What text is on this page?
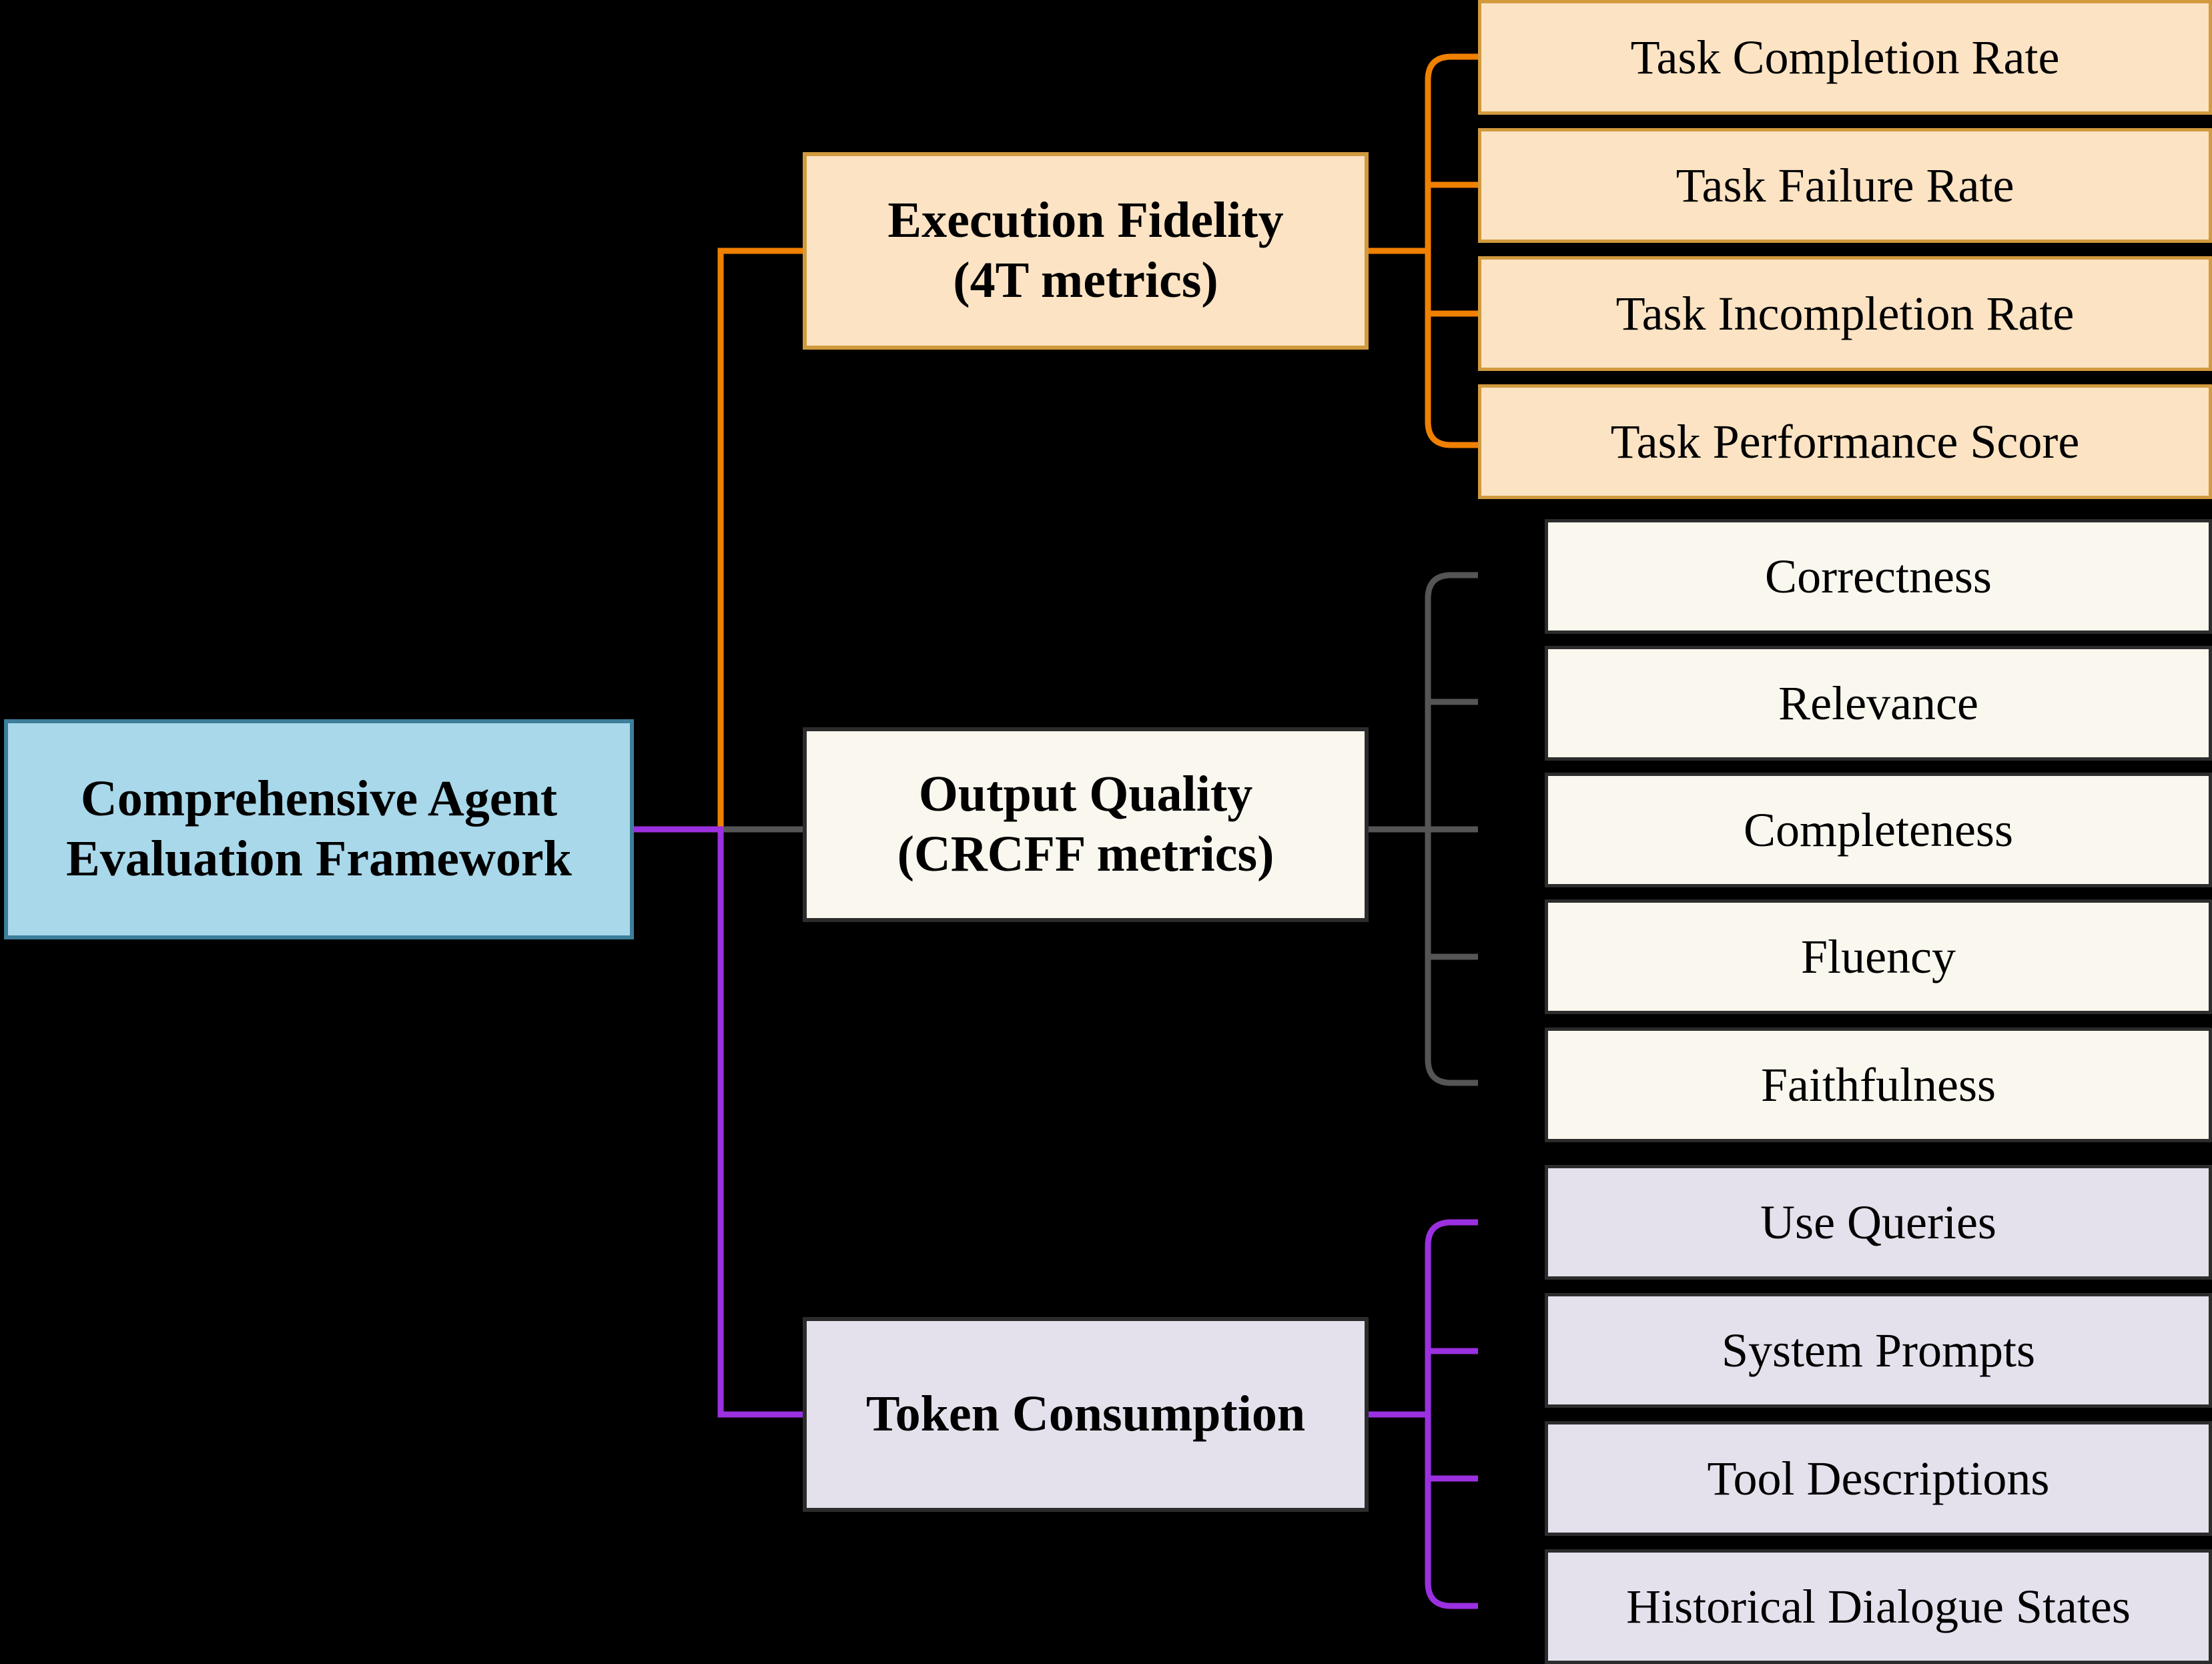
Comprehensive Agent
Evaluation Framework
Execution Fidelity
(4T metrics)
Task Completion Rate
Task Failure Rate
Task Incompletion Rate
Task Performance Score
Output Quality
(CRCFF metrics)
Correctness
Relevance
Completeness
Fluency
Faithfulness
Token Consumption
Use Queries
System Prompts
Tool Descriptions
Historical Dialogue States
